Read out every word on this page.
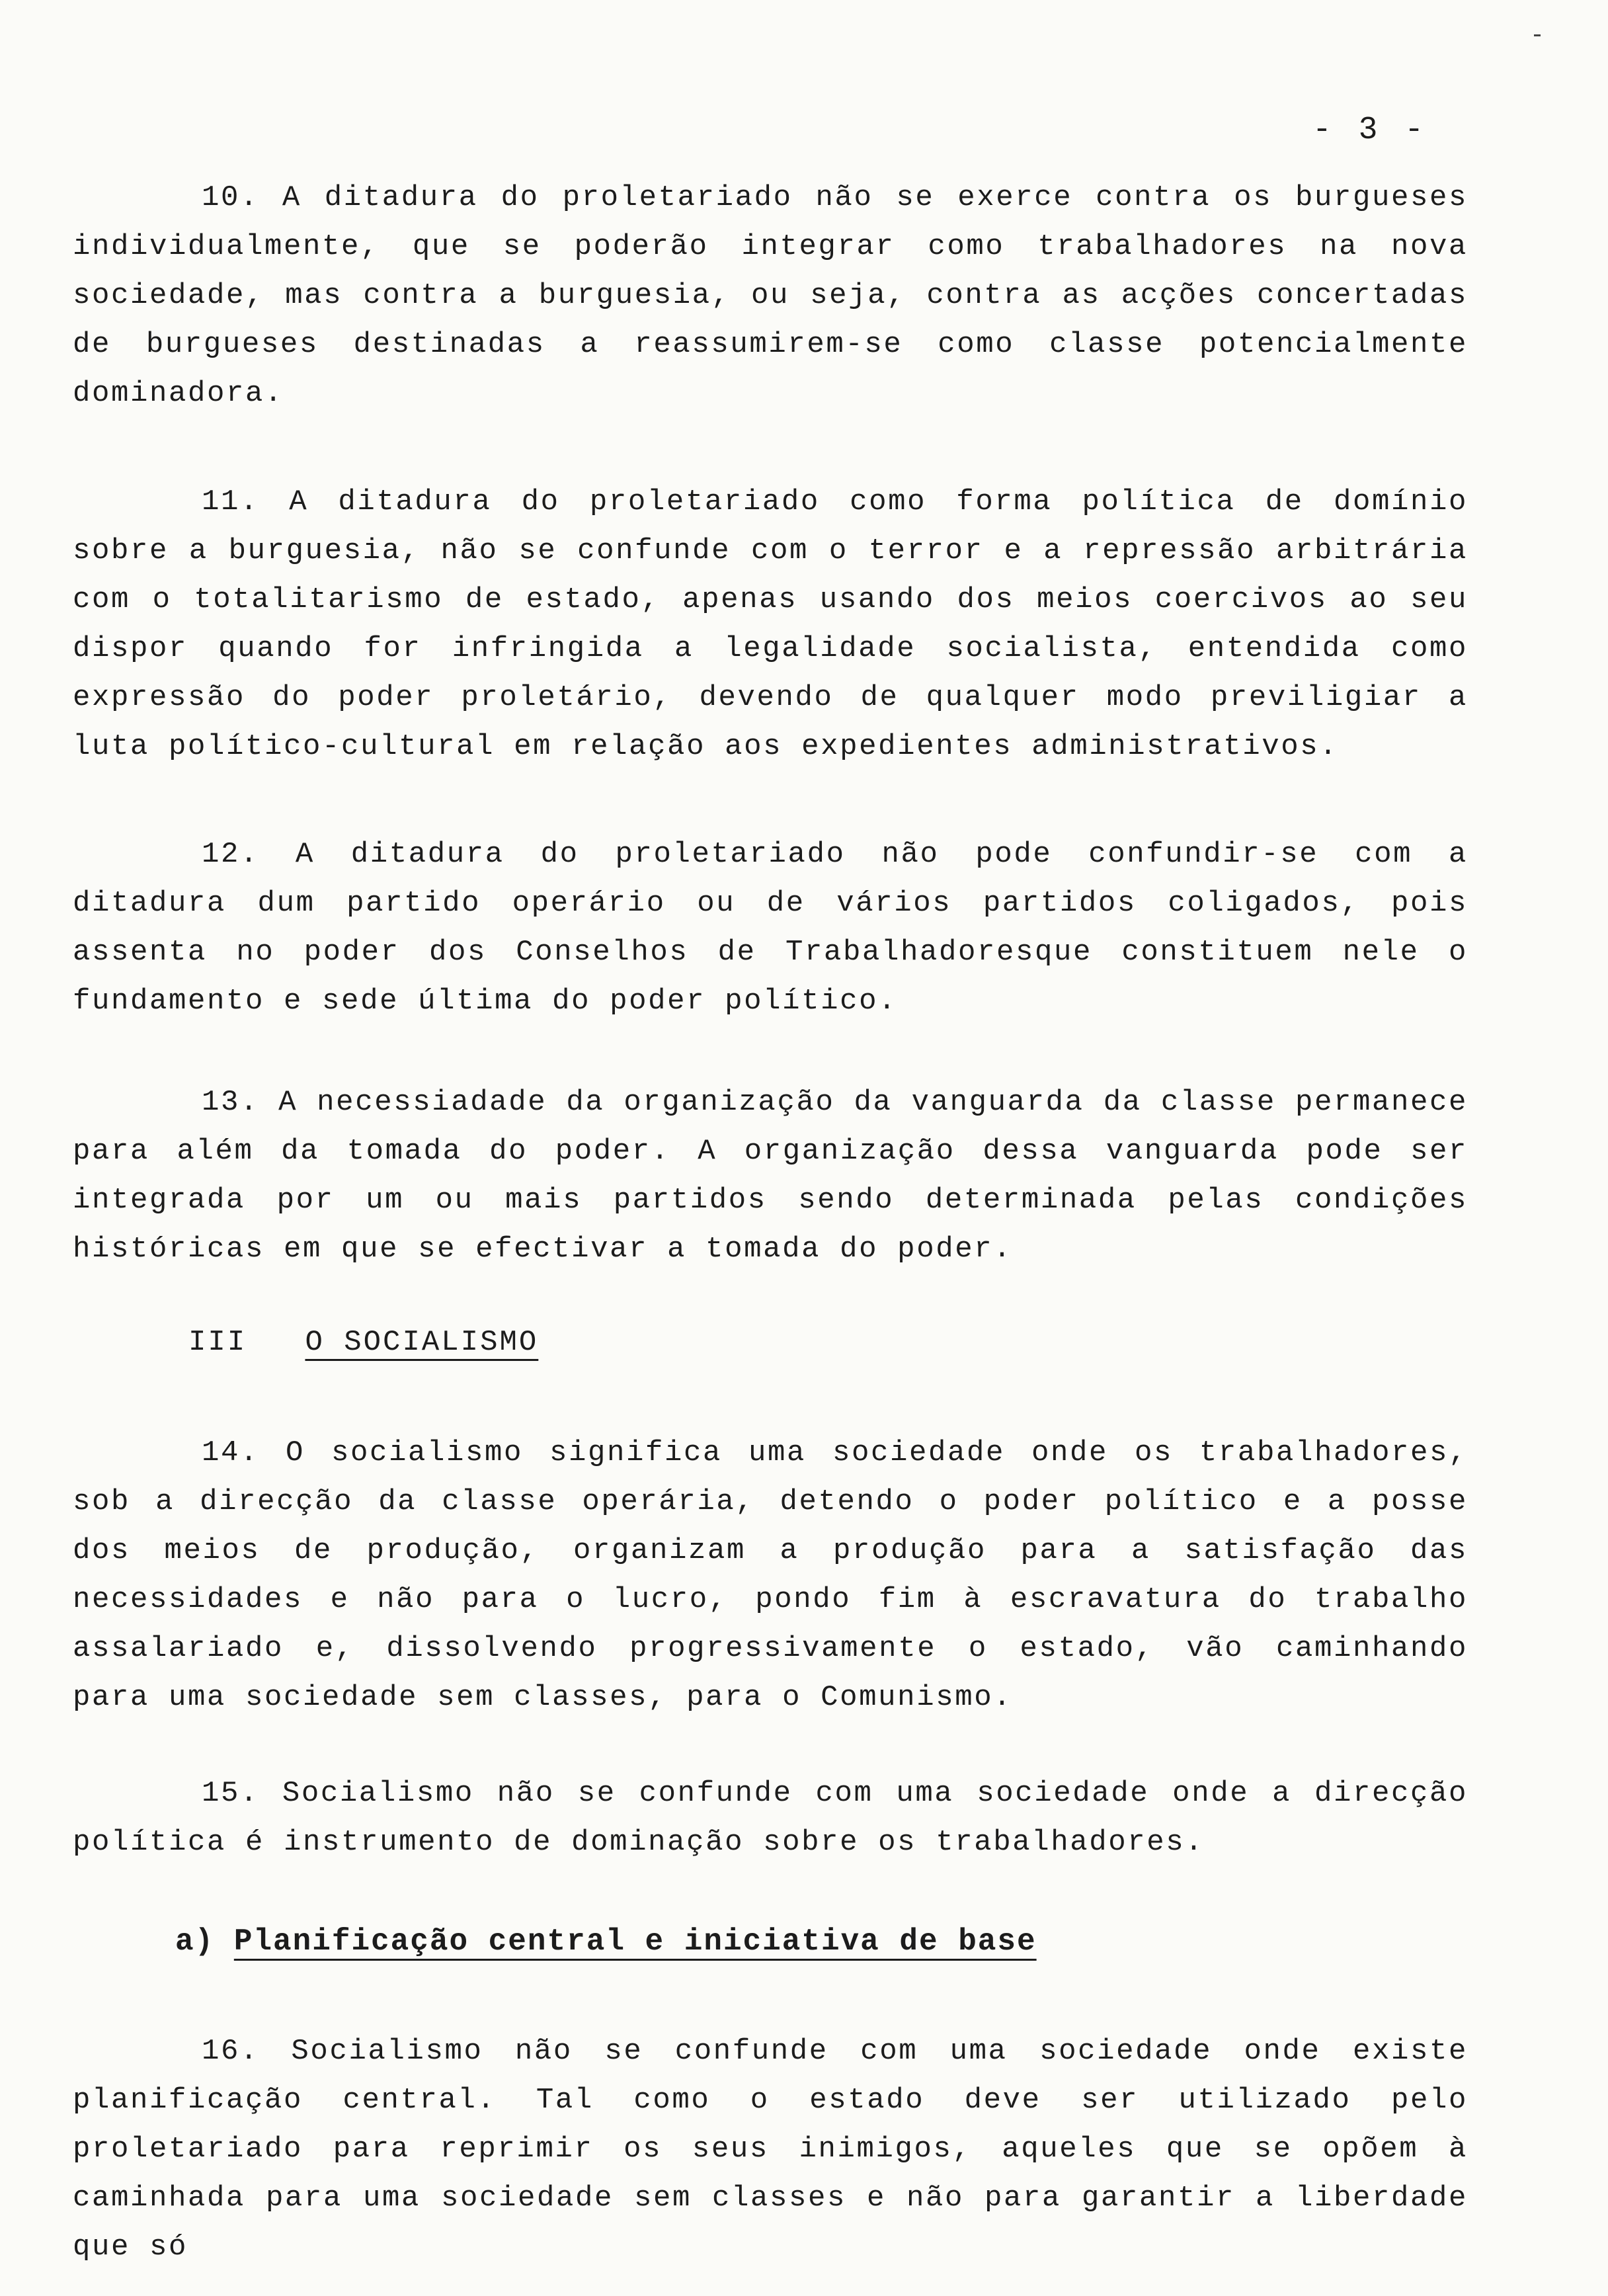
- 3 -

10. A ditadura do proletariado não se exerce contra os burgueses individualmente, que se poderão integrar como trabalhadores na nova sociedade, mas contra a burguesia, ou seja, contra as acções concertadas de burgueses destinadas a reassumirem-se como classe potencialmente dominadora.

11. A ditadura do proletariado como forma política de domínio sobre a burguesia, não se confunde com o terror e a repressão arbitrária com o totalitarismo de estado, apenas usando dos meios coercivos ao seu dispor quando for infringida a legalidade socialista, entendida como expressão do poder proletário, devendo de qualquer modo previligiar a luta político-cultural em relação aos expedientes administrativos.

12. A ditadura do proletariado não pode confundir-se com a ditadura dum partido operário ou de vários partidos coligados, pois assenta no poder dos Conselhos de Trabalhadoresque constituem nele o fundamento e sede última do poder político.

13. A necessiadade da organização da vanguarda da classe permanece para além da tomada do poder. A organização dessa vanguarda pode ser integrada por um ou mais partidos sendo determinada pelas condições históricas em que se efectivar a tomada do poder.

III O SOCIALISMO

14. O socialismo significa uma sociedade onde os trabalhadores, sob a direcção da classe operária, detendo o poder político e a posse dos meios de produção, organizam a produção para a satisfação das necessidades e não para o lucro, pondo fim à escravatura do trabalho assalariado e, dissolvendo progressivamente o estado, vão caminhando para uma sociedade sem classes, para o Comunismo.

15. Socialismo não se confunde com uma sociedade onde a direcção política é instrumento de dominação sobre os trabalhadores.

a) Planificação central e iniciativa de base

16. Socialismo não se confunde com uma sociedade onde existe planificação central. Tal como o estado deve ser utilizado pelo proletariado para reprimir os seus inimigos, aqueles que se opõem à caminhada para uma sociedade sem classes e não para garantir a liberdade que só
